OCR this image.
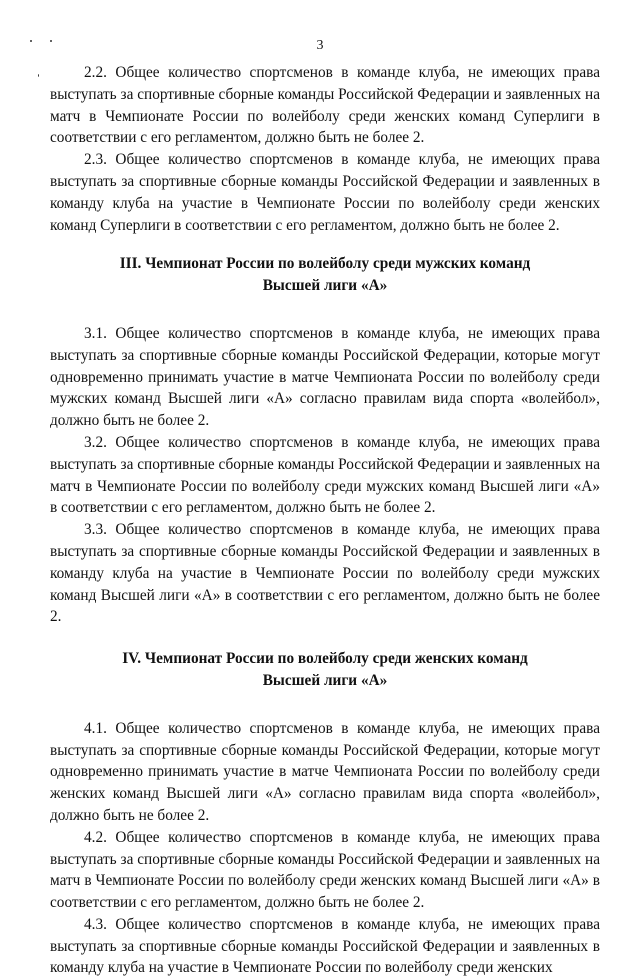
3

2.2. Общее количество спортсменов в команде клуба, не имеющих права выступать за спортивные сборные команды Российской Федерации и заявленных на матч в Чемпионате России по волейболу среди женских команд Суперлиги в соответствии с его регламентом, должно быть не более 2.

2.3. Общее количество спортсменов в команде клуба, не имеющих права выступать за спортивные сборные команды Российской Федерации и заявленных в команду клуба на участие в Чемпионате России по волейболу среди женских команд Суперлиги в соответствии с его регламентом, должно быть не более 2.

III. Чемпионат России по волейболу среди мужских команд
Высшей лиги «А»

3.1. Общее количество спортсменов в команде клуба, не имеющих права выступать за спортивные сборные команды Российской Федерации, которые могут одновременно принимать участие в матче Чемпионата России по волейболу среди мужских команд Высшей лиги «А» согласно правилам вида спорта «волейбол», должно быть не более 2.

3.2. Общее количество спортсменов в команде клуба, не имеющих права выступать за спортивные сборные команды Российской Федерации и заявленных на матч в Чемпионате России по волейболу среди мужских команд Высшей лиги «А» в соответствии с его регламентом, должно быть не более 2.

3.3. Общее количество спортсменов в команде клуба, не имеющих права выступать за спортивные сборные команды Российской Федерации и заявленных в команду клуба на участие в Чемпионате России по волейболу среди мужских команд Высшей лиги «А» в соответствии с его регламентом, должно быть не более 2.

IV. Чемпионат России по волейболу среди женских команд
Высшей лиги «А»

4.1. Общее количество спортсменов в команде клуба, не имеющих права выступать за спортивные сборные команды Российской Федерации, которые могут одновременно принимать участие в матче Чемпионата России по волейболу среди женских команд Высшей лиги «А» согласно правилам вида спорта «волейбол», должно быть не более 2.

4.2. Общее количество спортсменов в команде клуба, не имеющих права выступать за спортивные сборные команды Российской Федерации и заявленных на матч в Чемпионате России по волейболу среди женских команд Высшей лиги «А» в соответствии с его регламентом, должно быть не более 2.

4.3. Общее количество спортсменов в команде клуба, не имеющих права выступать за спортивные сборные команды Российской Федерации и заявленных в команду клуба на участие в Чемпионате России по волейболу среди женских
